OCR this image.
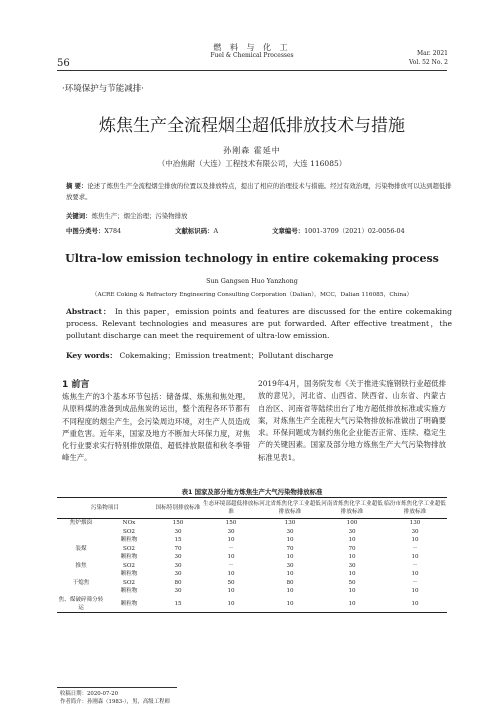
56
燃 料 与 化 工
Fuel & Chemical Processes	Mar. 2021
Vol. 52 No. 2
·环境保护与节能减排·
炼焦生产全流程烟尘超低排放技术与措施
孙刚森 霍延中
（中冶焦耐（大连）工程技术有限公司，大连 116085）
摘 要：论述了炼焦生产全流程烟尘排放的位置以及排放特点，提出了相应的治理技术与措施。经过有效治理，污染物排放可以达到超低排放要求。
关键词：炼焦生产；烟尘治理；污染物排放
中图分类号：X784	文献标识码：A	文章编号：1001-3709（2021）02-0056-04
Ultra-low emission technology in entire cokemaking process
Sun Gangsen Huo Yanzhong
（ACRE Coking & Refractory Engineering Consulting Corporation（Dalian），MCC，Dalian 116085，China）
Abstract： In this paper，emission points and features are discussed for the entire cokemaking process. Relevant technologies and measures are put forwarded. After effective treatment，the pollutant discharge can meet the requirement of ultra-low emission.
Key words： Cokemaking；Emission treatment；Pollutant discharge
1 前言
炼焦生产的3个基本环节包括：储备煤、炼焦和焦处理。从原料煤的准备到成品焦炭的运出，整个流程各环节都有不同程度的烟尘产生，会污染周边环境，对生产人员造成严重危害。近年来，国家及地方不断加大环保力度，对焦化行业要求实行特别排放限值、超低排放限值和秋冬季错峰生产。
2019年4月，国务院发布《关于推进实施钢铁行业超低排放的意见》，河北省、山西省、陕西省、山东省、内蒙古自治区、河南省等陆续出台了地方超低排放标准或实施方案，对炼焦生产全流程大气污染物排放标准做出了明确要求。环保问题成为制约焦化企业能否正常、连续、稳定生产的关键因素。国家及部分地方炼焦生产大气污染物排放标准见表1。
表1 国家及部分地方炼焦生产大气污染物排放标准
污染物项目		国标特别排放标准	生态环境部超低排放标准	河北省炼焦化学工业超低排放标准	河南省炼焦化学工业超低排放标准	临汾市炼焦化学工业超低排放标准
焦炉烟囱	NOx	150	150	130	100	130
	SO2	30	30	30	30	30
	颗粒物	15	10	10	10	10
装煤	SO2	70	－	70	70	－
	颗粒物	30	10	10	10	10
推焦	SO2	30	－	30	30	－
	颗粒物	30	10	10	10	10
干熄焦	SO2	80	50	80	50	－
	颗粒物	30	10	10	10	10
焦、煤破碎筛分转运	颗粒物	15	10	10	10	10
收稿日期：2020-07-20
作者简介：孙刚森（1983-），男，高级工程师
